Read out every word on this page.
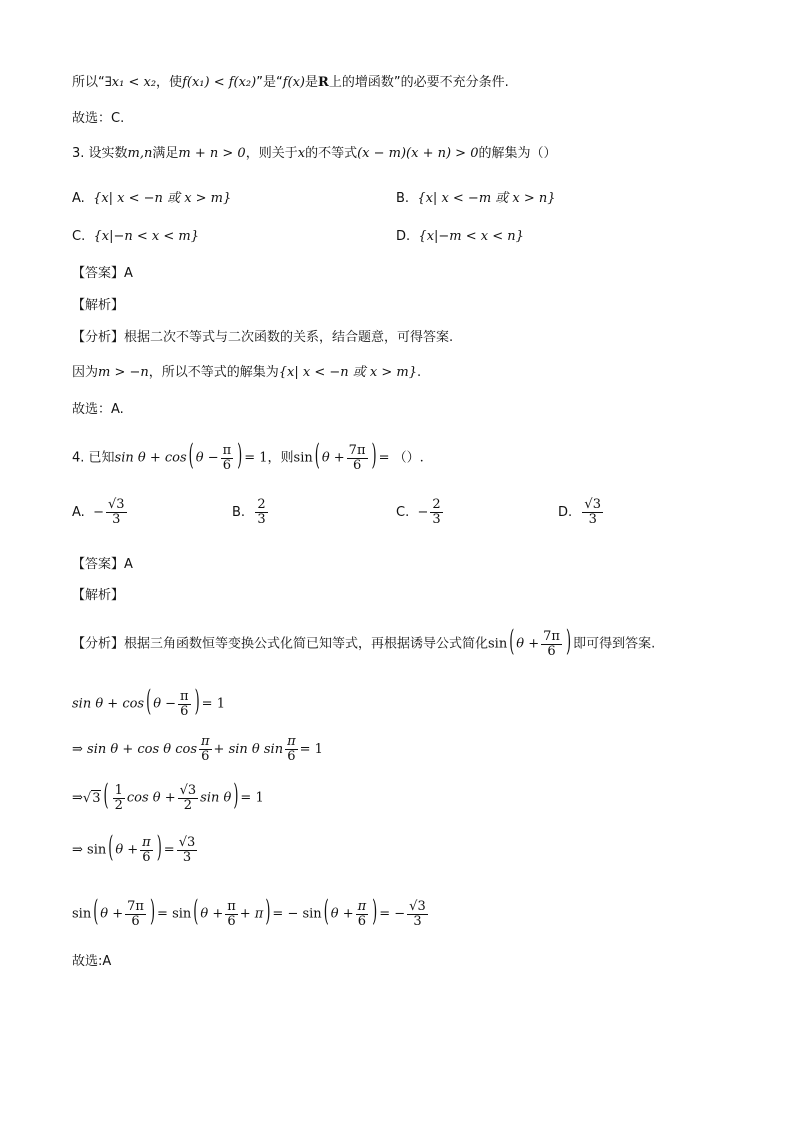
所以“∃x₁ < x₂，使f(x₁) < f(x₂)”是“f(x)是R上的增函数”的必要不充分条件.
故选：C.
3. 设实数m,n满足m + n > 0，则关于x的不等式(x − m)(x + n) > 0的解集为（）
A. {x| x < −n 或 x > m}	B. {x| x < −m 或 x > n}
C. {x|−n < x < m}	D. {x|−m < x < n}
【答案】A
【解析】
【分析】根据二次不等式与二次函数的关系，结合题意，可得答案.
因为m > −n，所以不等式的解集为{x| x < −n 或 x > m}.
故选：A.
4. 已知sin θ + cos ( $\theta - \frac{\pi}{6}$ ) = 1，则sin ( $\theta + \frac{7\pi}{6}$ ) = （）.
A. − $\frac{√3}{3}$	B. $\frac{2}{3}$	C. − $\frac{2}{3}$	D. $\frac{√3}{3}$
【答案】A
【解析】
【分析】根据三角函数恒等变换公式化简已知等式，再根据诱导公式简化sin ( $\theta + \frac{7\pi}{6}$ ) 即可得到答案.
sin θ + cos ( $\theta - \frac{\pi}{6}$ ) = 1
⇒ sin θ + cos θ $\cos \frac{\pi}{6} + \sin \theta$ $\sin \frac{\pi}{6} = 1$
⇒√3 ( $\frac{1}{2}$ $\cos \theta + \frac{√3}{2}$ sin θ ) = 1
⇒ sin ( $\theta + \frac{\pi}{6}$ ) = $\frac{√3}{3}$
sin ( $\theta + \frac{7\pi}{6}$ ) = sin ( $\theta + \frac{\pi}{6} + \pi$ ) = − sin ( $\theta + \frac{\pi}{6}$ ) = − $\frac{√3}{3}$
故选:A
